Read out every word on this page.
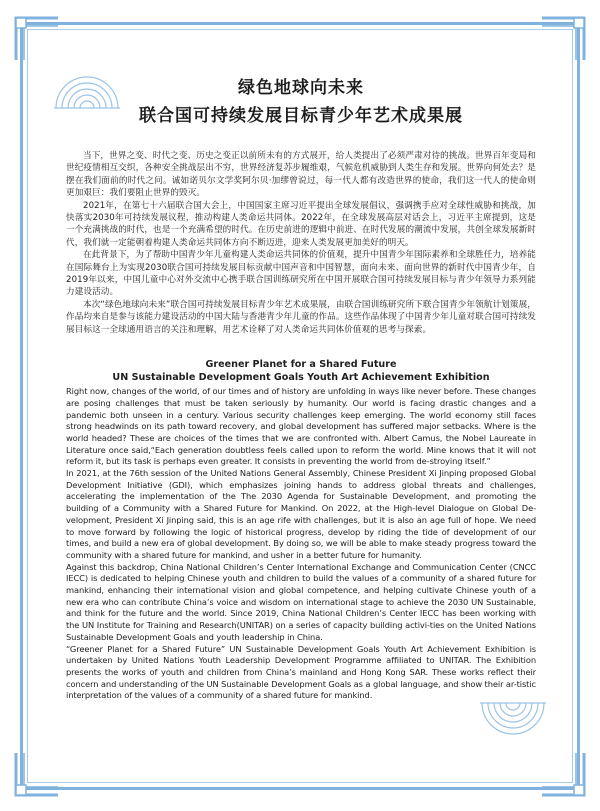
绿色地球向未来
联合国可持续发展目标青少年艺术成果展

当下，世界之变、时代之变、历史之变正以前所未有的方式展开，给人类提出了必须严肃对待的挑战。世界百年变局和世纪疫情相互交织，各种安全挑战层出不穷，世界经济复苏步履维艰，气候危机威胁到人类生存和发展。世界向何处去？是摆在我们面前的时代之问。诚如诺贝尔文学奖阿尔贝·加缪曾说过，每一代人都有改造世界的使命，我们这一代人的使命则更加艰巨：我们要阻止世界的毁灭。

2021年，在第七十六届联合国大会上，中国国家主席习近平提出全球发展倡议，强调携手应对全球性威胁和挑战，加快落实2030年可持续发展议程，推动构建人类命运共同体。2022年，在全球发展高层对话会上，习近平主席提到，这是一个充满挑战的时代，也是一个充满希望的时代。在历史前进的逻辑中前进、在时代发展的潮流中发展，共创全球发展新时代，我们就一定能朝着构建人类命运共同体方向不断迈进，迎来人类发展更加美好的明天。

在此背景下，为了帮助中国青少年儿童构建人类命运共同体的价值观，提升中国青少年国际素养和全球胜任力，培养能在国际舞台上为实现2030联合国可持续发展目标贡献中国声音和中国智慧，面向未来、面向世界的新时代中国青少年，自2019年以来，中国儿童中心对外交流中心携手联合国训练研究所在中国开展联合国可持续发展目标与青少年领导力系列能力建设活动。

本次“绿色地球向未来”联合国可持续发展目标青少年艺术成果展，由联合国训练研究所下联合国青少年领航计划策展，作品均来自是参与该能力建设活动的中国大陆与香港青少年儿童的作品。这些作品体现了中国青少年儿童对联合国可持续发展目标这一全球通用语言的关注和理解，用艺术诠释了对人类命运共同体价值观的思考与探索。

Greener Planet for a Shared Future
UN Sustainable Development Goals Youth Art Achievement Exhibition

Right now, changes of the world, of our times and of history are unfolding in ways like never before. These changes are posing challenges that must be taken seriously by humanity. Our world is facing drastic changes and a pandemic both unseen in a century. Various security challenges keep emerging. The world economy still faces strong headwinds on its path toward recovery, and global development has suffered major setbacks. Where is the world headed? These are choices of the times that we are confronted with. Albert Camus, the Nobel Laureate in Literature once said,“Each generation doubtless feels called upon to reform the world. Mine knows that it will not reform it, but its task is perhaps even greater. It consists in preventing the world from de-stroying itself.”

In 2021, at the 76th session of the United Nations General Assembly, Chinese President Xi Jinping proposed Global Development Initiative (GDI), which emphasizes joining hands to address global threats and challenges, accelerating the implementation of the The 2030 Agenda for Sustainable Development, and promoting the building of a Community with a Shared Future for Mankind. On 2022, at the High-level Dialogue on Global De-velopment, President Xi Jinping said, this is an age rife with challenges, but it is also an age full of hope. We need to move forward by following the logic of historical progress, develop by riding the tide of development of our times, and build a new era of global development. By doing so, we will be able to make steady progress toward the community with a shared future for mankind, and usher in a better future for humanity.

Against this backdrop, China National Children’s Center International Exchange and Communication Center (CNCC IECC) is dedicated to helping Chinese youth and children to build the values of a community of a shared future for mankind, enhancing their international vision and global competence, and helping cultivate Chinese youth of a new era who can contribute China’s voice and wisdom on international stage to achieve the 2030 UN Sustainable, and think for the future and the world. Since 2019, China National Children’s Center IECC has been working with the UN Institute for Training and Research(UNITAR) on a series of capacity building activi-ties on the United Nations Sustainable Development Goals and youth leadership in China.

“Greener Planet for a Shared Future” UN Sustainable Development Goals Youth Art Achievement Exhibition is undertaken by United Nations Youth Leadership Development Programme affiliated to UNITAR. The Exhibition presents the works of youth and children from China’s mainland and Hong Kong SAR. These works reflect their concern and understanding of the UN Sustainable Development Goals as a global language, and show their ar-tistic interpretation of the values of a community of a shared future for mankind.
